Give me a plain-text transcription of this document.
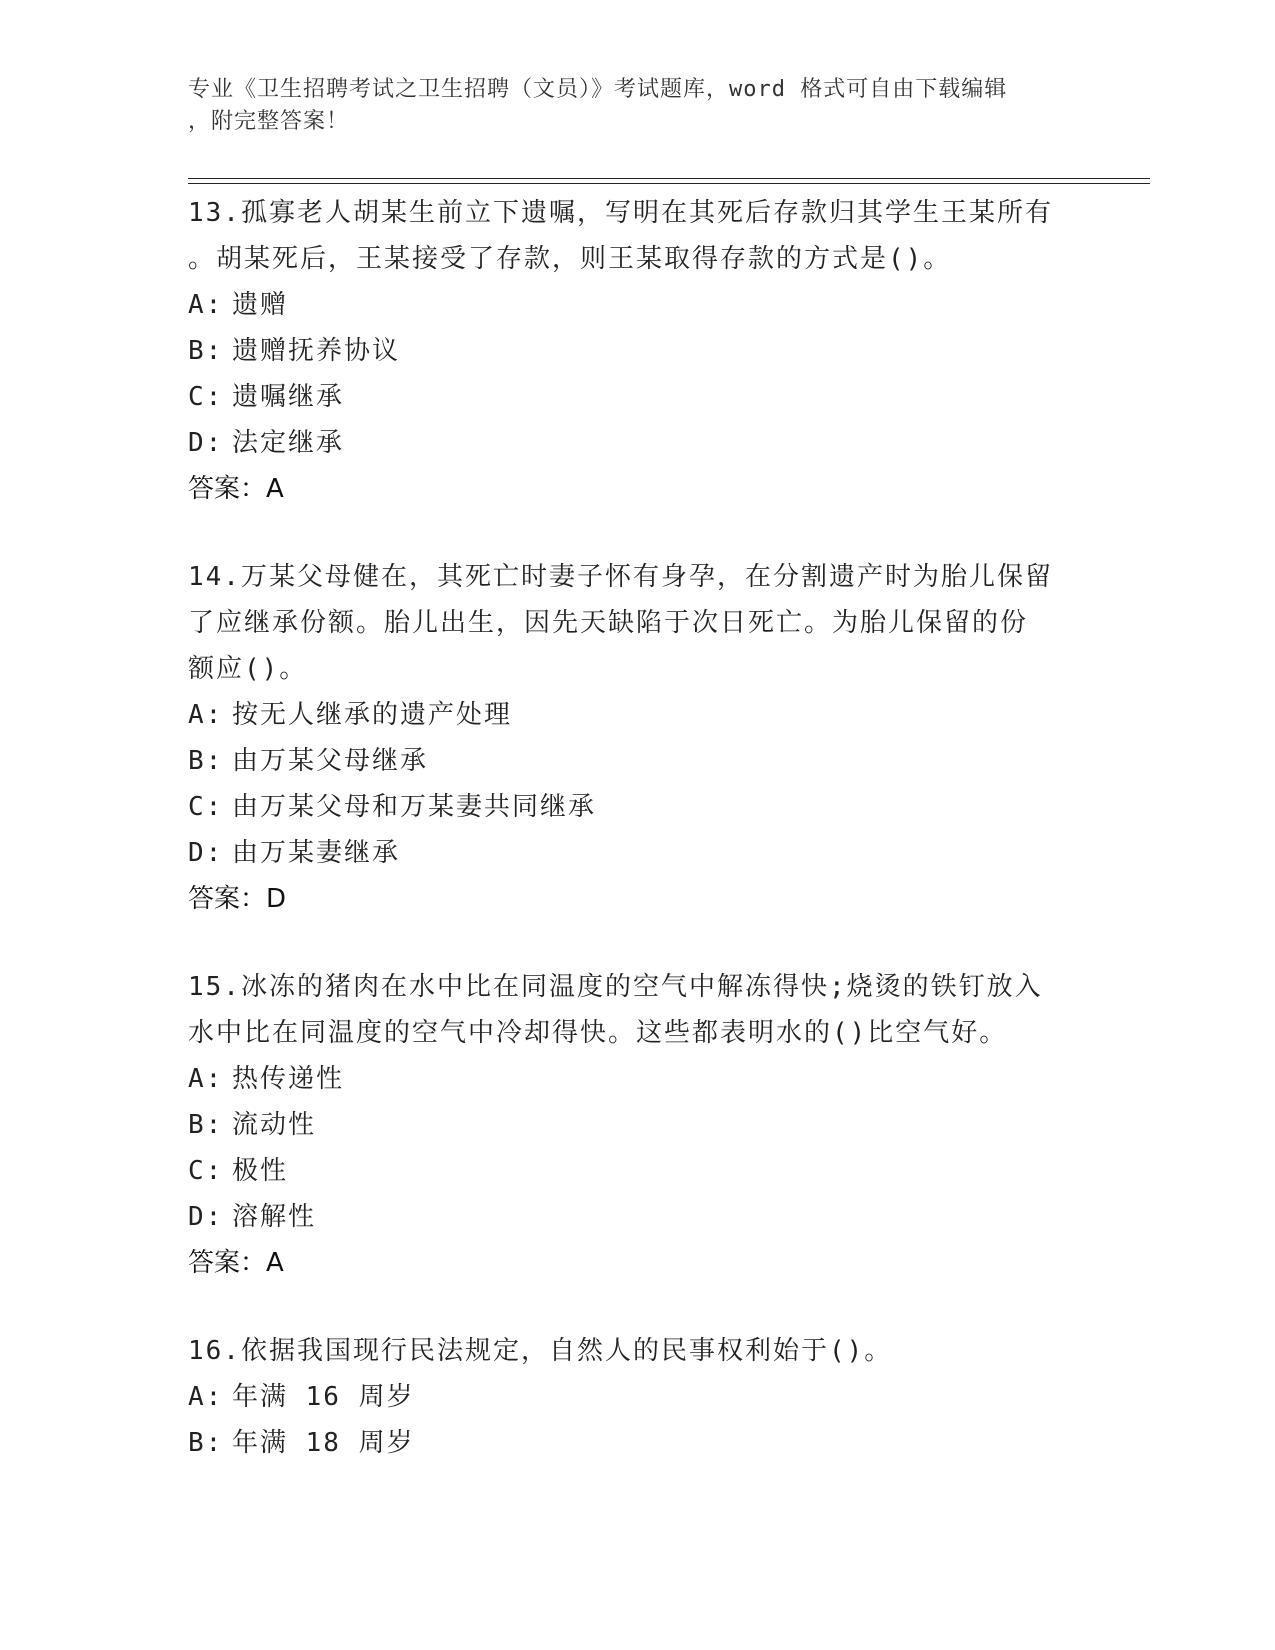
专业《卫生招聘考试之卫生招聘（文员）》考试题库，word 格式可自由下载编辑
，附完整答案！

13.孤寡老人胡某生前立下遗嘱，写明在其死后存款归其学生王某所有

。胡某死后，王某接受了存款，则王某取得存款的方式是()。

A: 遗赠

B: 遗赠抚养协议

C: 遗嘱继承

D: 法定继承

答案：A

14.万某父母健在，其死亡时妻子怀有身孕，在分割遗产时为胎儿保留

了应继承份额。胎儿出生，因先天缺陷于次日死亡。为胎儿保留的份

额应()。

A: 按无人继承的遗产处理

B: 由万某父母继承

C: 由万某父母和万某妻共同继承

D: 由万某妻继承

答案：D

15.冰冻的猪肉在水中比在同温度的空气中解冻得快;烧烫的铁钉放入

水中比在同温度的空气中冷却得快。这些都表明水的()比空气好。

A: 热传递性

B: 流动性

C: 极性

D: 溶解性

答案：A

16.依据我国现行民法规定，自然人的民事权利始于()。

A: 年满 16 周岁

B: 年满 18 周岁
